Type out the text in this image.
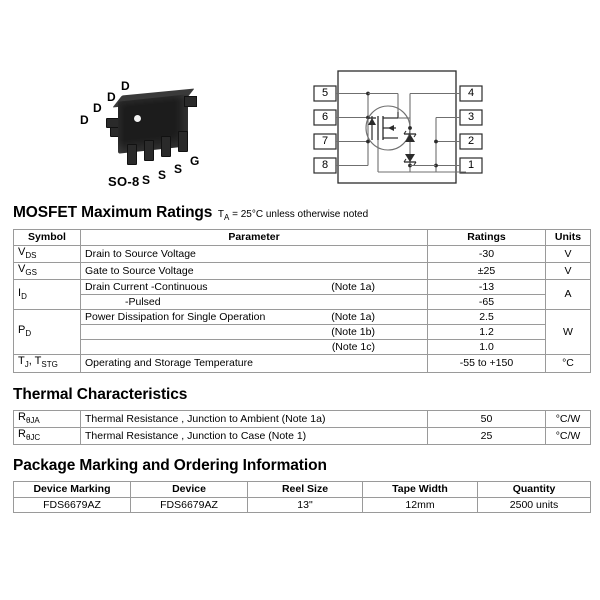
D
D
D
D
S S S
G
SO-8
5
6
7
8
4
3
2
1
MOSFET Maximum Ratings $T_A = 25^\circ C$ unless otherwise noted
Symbol	Parameter	Ratings	Units
$V_{DS}$	Drain to Source Voltage	-30	V
$V_{GS}$	Gate to Source Voltage	±25	V
$I_D$	Drain Current -Continuous (Note 1a)	-13	A

	-Pulsed	-65	
$P_D$	Power Dissipation for Single Operation (Note 1a)	2.5	W

	(Note 1b)	1.2	

	(Note 1c)	1.0	
$T_J$, $T_{STG}$	Operating and Storage Temperature	-55 to +150	°C
Thermal Characteristics
$R_{\theta JA}$	Thermal Resistance , Junction to Ambient (Note 1a)	50	°C/W
$R_{\theta JC}$	Thermal Resistance , Junction to Case (Note 1)	25	°C/W
Package Marking and Ordering Information
Device Marking	Device	Reel Size	Tape Width	Quantity
FDS6679AZ	FDS6679AZ	13"	12mm	2500 units
